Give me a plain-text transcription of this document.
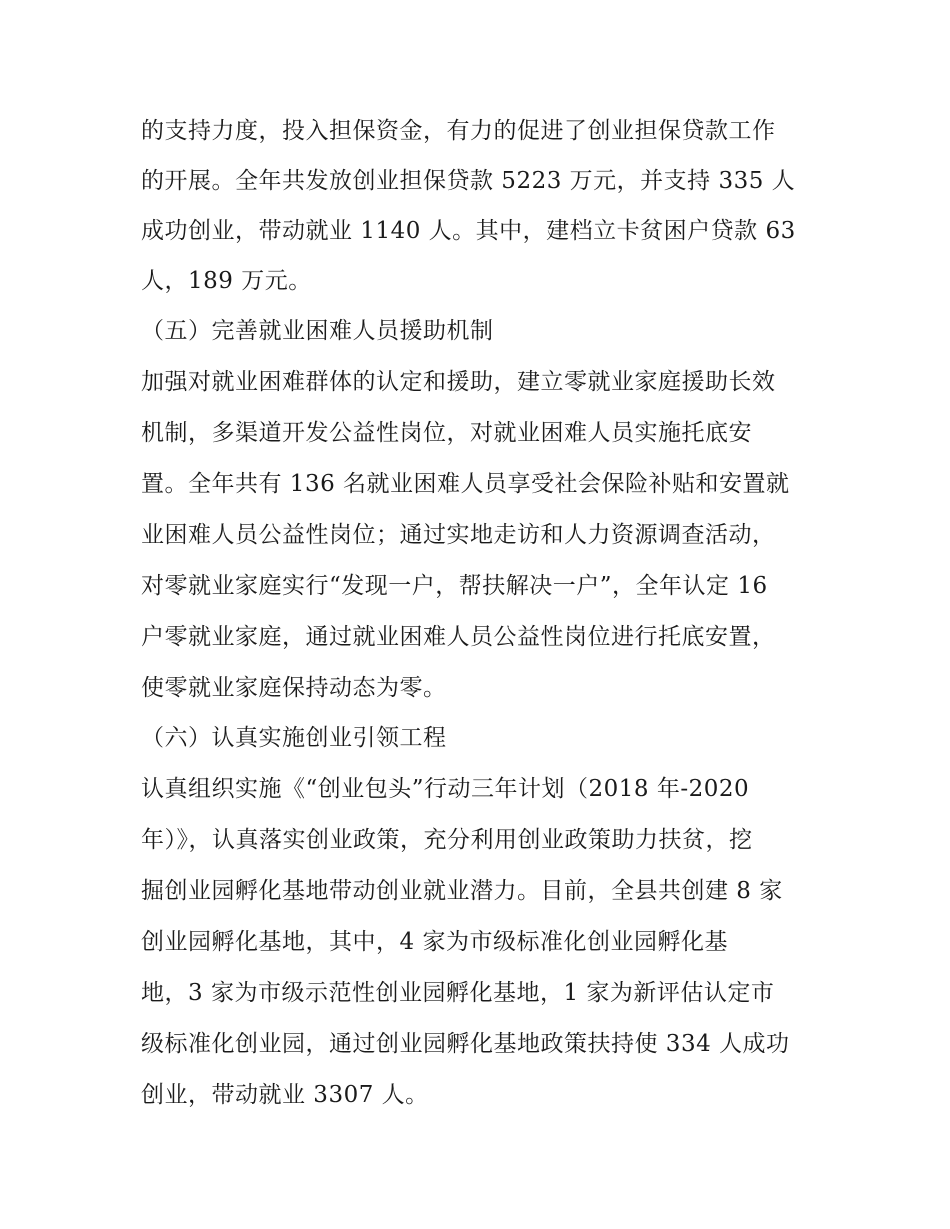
的支持力度，投入担保资金，有力的促进了创业担保贷款工作
的开展。全年共发放创业担保贷款 5223 万元，并支持 335 人
成功创业，带动就业 1140 人。其中，建档立卡贫困户贷款 63
人，189 万元。
（五）完善就业困难人员援助机制
加强对就业困难群体的认定和援助，建立零就业家庭援助长效
机制，多渠道开发公益性岗位，对就业困难人员实施托底安
置。全年共有 136 名就业困难人员享受社会保险补贴和安置就
业困难人员公益性岗位；通过实地走访和人力资源调查活动，
对零就业家庭实行“发现一户，帮扶解决一户”，全年认定 16
户零就业家庭，通过就业困难人员公益性岗位进行托底安置，
使零就业家庭保持动态为零。
（六）认真实施创业引领工程
认真组织实施《“创业包头”行动三年计划（2018 年-2020
年）》，认真落实创业政策，充分利用创业政策助力扶贫，挖
掘创业园孵化基地带动创业就业潜力。目前，全县共创建 8 家
创业园孵化基地，其中，4 家为市级标准化创业园孵化基
地，3 家为市级示范性创业园孵化基地，1 家为新评估认定市
级标准化创业园，通过创业园孵化基地政策扶持使 334 人成功
创业，带动就业 3307 人。
